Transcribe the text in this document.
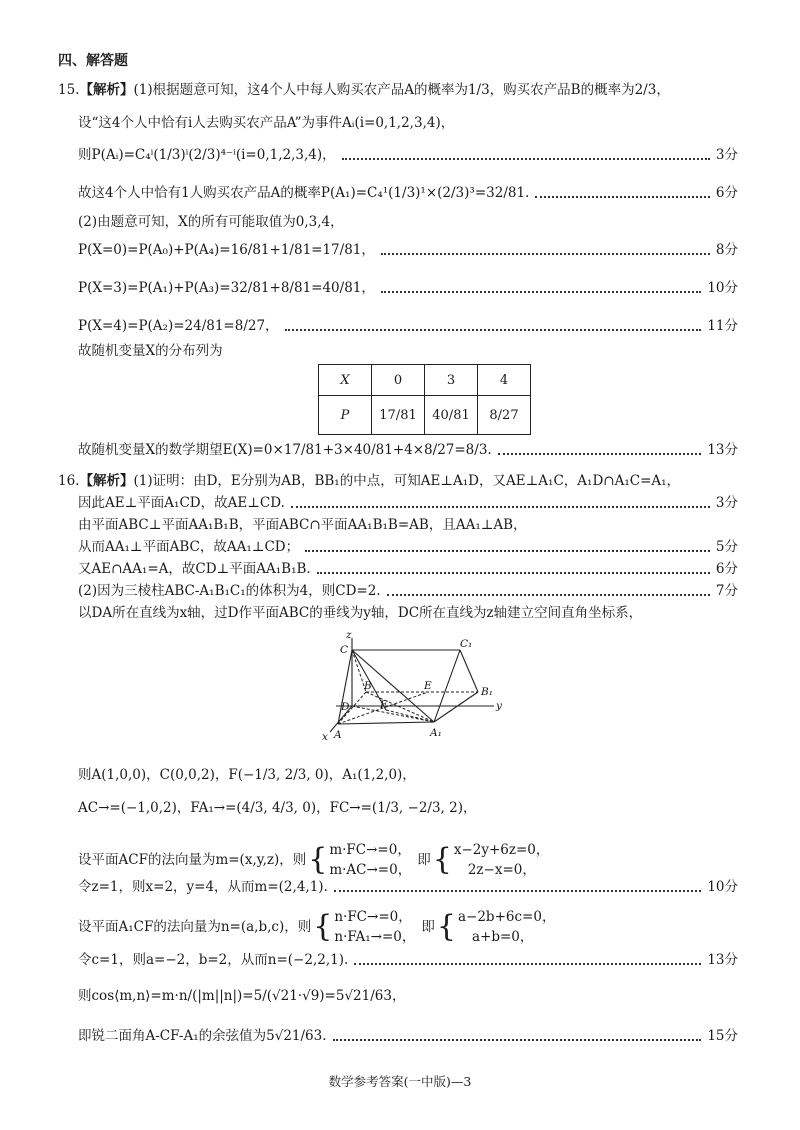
四、解答题
15.【解析】(1)根据题意可知，这4个人中每人购买农产品A的概率为1/3，购买农产品B的概率为2/3，
设“这4个人中恰有i人去购买农产品A”为事件Aᵢ(i=0,1,2,3,4)，
则P(Aᵢ)=C₄ⁱ(1/3)ⁱ(2/3)⁴⁻ⁱ(i=0,1,2,3,4)，	3分
故这4个人中恰有1人购买农产品A的概率P(A₁)=C₄¹(1/3)¹×(2/3)³=32/81.	6分
(2)由题意可知，X的所有可能取值为0,3,4，
P(X=0)=P(A₀)+P(A₄)=16/81+1/81=17/81，	8分
P(X=3)=P(A₁)+P(A₃)=32/81+8/81=40/81，	10分
P(X=4)=P(A₂)=24/81=8/27，	11分
故随机变量X的分布列为
X	0	3	4
P	17/81	40/81	8/27
故随机变量X的数学期望E(X)=0×17/81+3×40/81+4×8/27=8/3.	13分
16.【解析】(1)证明：由D，E分别为AB，BB₁的中点，可知AE⊥A₁D，又AE⊥A₁C，A₁D∩A₁C=A₁，
因此AE⊥平面A₁CD，故AE⊥CD.	3分
由平面ABC⊥平面AA₁B₁B，平面ABC∩平面AA₁B₁B=AB，且AA₁⊥AB，
从而AA₁⊥平面ABC，故AA₁⊥CD；	5分
又AE∩AA₁=A，故CD⊥平面AA₁B₁B.	6分
(2)因为三棱柱ABC-A₁B₁C₁的体积为4，则CD=2.	7分
以DA所在直线为x轴，过D作平面ABC的垂线为y轴，DC所在直线为z轴建立空间直角坐标系，
z
C	C₁
B	E	B₁
D	F	y
x A	A₁
则A(1,0,0)，C(0,0,2)，F(−1/3, 2/3, 0)，A₁(1,2,0)，
AC→=(−1,0,2)，FA₁→=(4/3, 4/3, 0)，FC→=(1/3, −2/3, 2)，
设平面ACF的法向量为m=(x,y,z)，则 { m·FC→=0，
m·AC→=0，
即 { x−2y+6z=0，
2z−x=0，
令z=1，则x=2，y=4，从而m=(2,4,1).	10分
设平面A₁CF的法向量为n=(a,b,c)，则 { n·FC→=0，
n·FA₁→=0，
即 { a−2b+6c=0，
a+b=0，
令c=1，则a=−2，b=2，从而n=(−2,2,1).	13分
则cos⟨m,n⟩=m·n/(|m||n|)=5/(√21·√9)=5√21/63，
即锐二面角A-CF-A₁的余弦值为5√21/63.	15分
数学参考答案(一中版)—3
